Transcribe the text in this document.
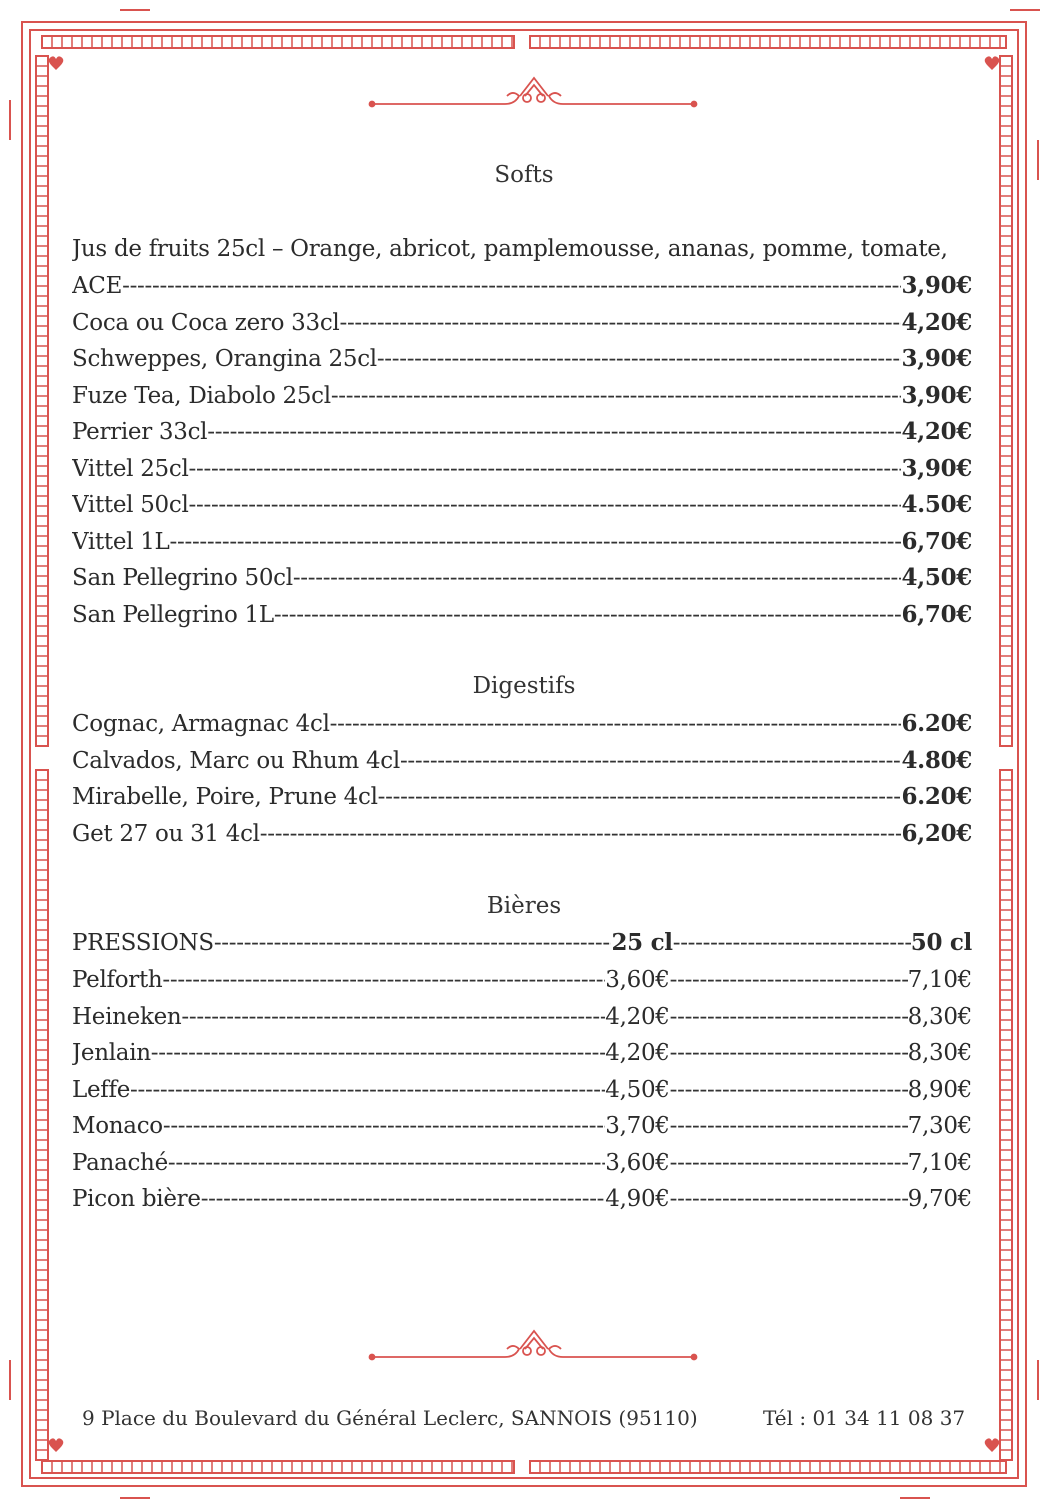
Softs
Jus de fruits 25cl – Orange, abricot, pamplemousse, ananas, pomme, tomate,
ACE -----	3,90€
Coca ou Coca zero 33cl -----	4,20€
Schweppes, Orangina 25cl -----	3,90€
Fuze Tea, Diabolo 25cl -----	3,90€
Perrier 33cl -----	4,20€
Vittel 25cl -----	3,90€
Vittel 50cl -----	4.50€
Vittel 1L -----	6,70€
San Pellegrino 50cl -----	4,50€
San Pellegrino 1L -----	6,70€
Digestifs
Cognac, Armagnac 4cl -----	6.20€
Calvados, Marc ou Rhum 4cl -----	4.80€
Mirabelle, Poire, Prune 4cl -----	6.20€
Get 27 ou 31 4cl -----	6,20€
Bières
PRESSIONS -----	25 cl -----	50 cl
Pelforth -----	3,60€ -----	7,10€
Heineken -----	4,20€ -----	8,30€
Jenlain -----	4,20€ -----	8,30€
Leffe -----	4,50€ -----	8,90€
Monaco -----	3,70€ -----	7,30€
Panaché -----	3,60€ -----	7,10€
Picon bière -----	4,90€ -----	9,70€
9 Place du Boulevard du Général Leclerc, SANNOIS (95110)	Tél : 01 34 11 08 37
